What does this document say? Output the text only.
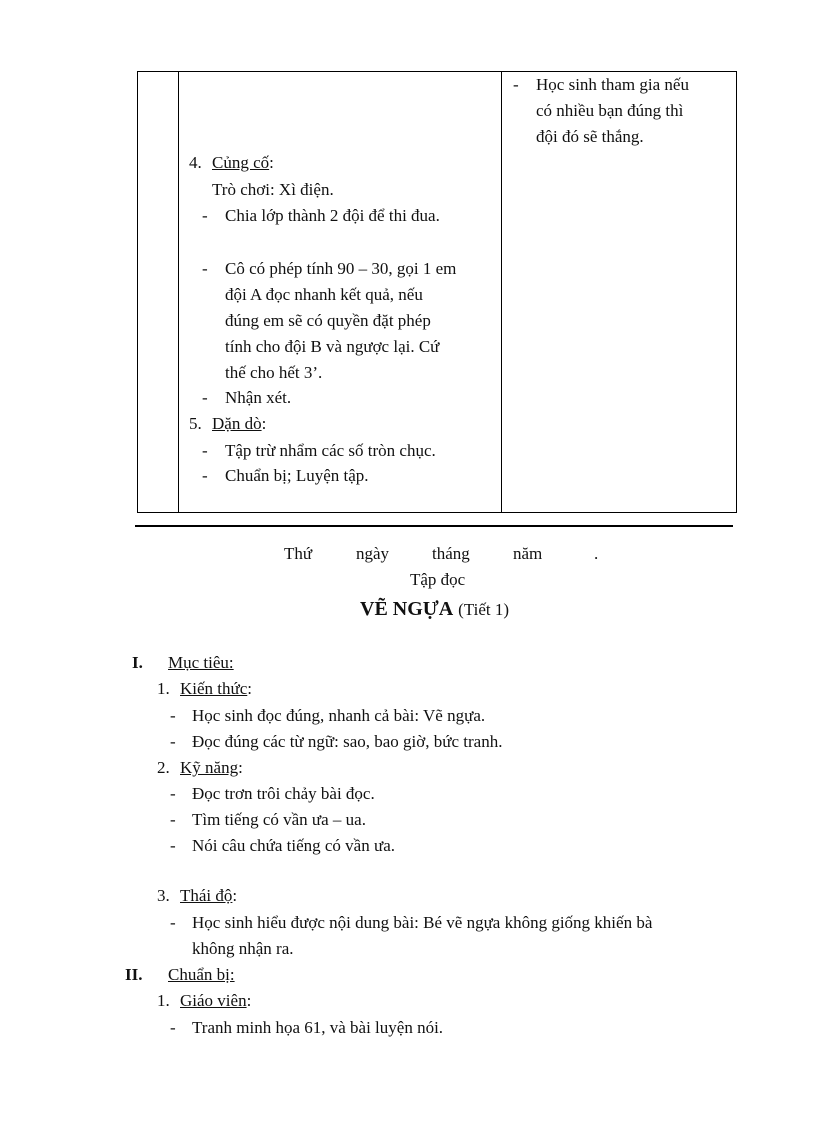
- Học sinh tham gia nếu
có nhiều bạn đúng thì
đội đó sẽ thắng.
4. Củng cố:
Trò chơi: Xì điện.
- Chia lớp thành 2 đội để thi đua.
- Cô có phép tính 90 – 30, gọi 1 em
đội A đọc nhanh kết quả, nếu
đúng em sẽ có quyền đặt phép
tính cho đội B và ngược lại. Cứ
thế cho hết 3’.
- Nhận xét.
5. Dặn dò:
- Tập trừ nhẩm các số tròn chục.
- Chuẩn bị; Luyện tập.
Thứ	ngày	tháng	năm	.
Tập đọc
VẼ NGỰA (Tiết 1)
I. Mục tiêu:
1. Kiến thức:
- Học sinh đọc đúng, nhanh cả bài: Vẽ ngựa.
- Đọc đúng các từ ngữ: sao, bao giờ, bức tranh.
2. Kỹ năng:
- Đọc trơn trôi chảy bài đọc.
- Tìm tiếng có vần ưa – ua.
- Nói câu chứa tiếng có vần ưa.
3. Thái độ:
- Học sinh hiểu được nội dung bài: Bé vẽ ngựa không giống khiến bà
không nhận ra.
II. Chuẩn bị:
1. Giáo viên:
- Tranh minh họa 61, và bài luyện nói.
